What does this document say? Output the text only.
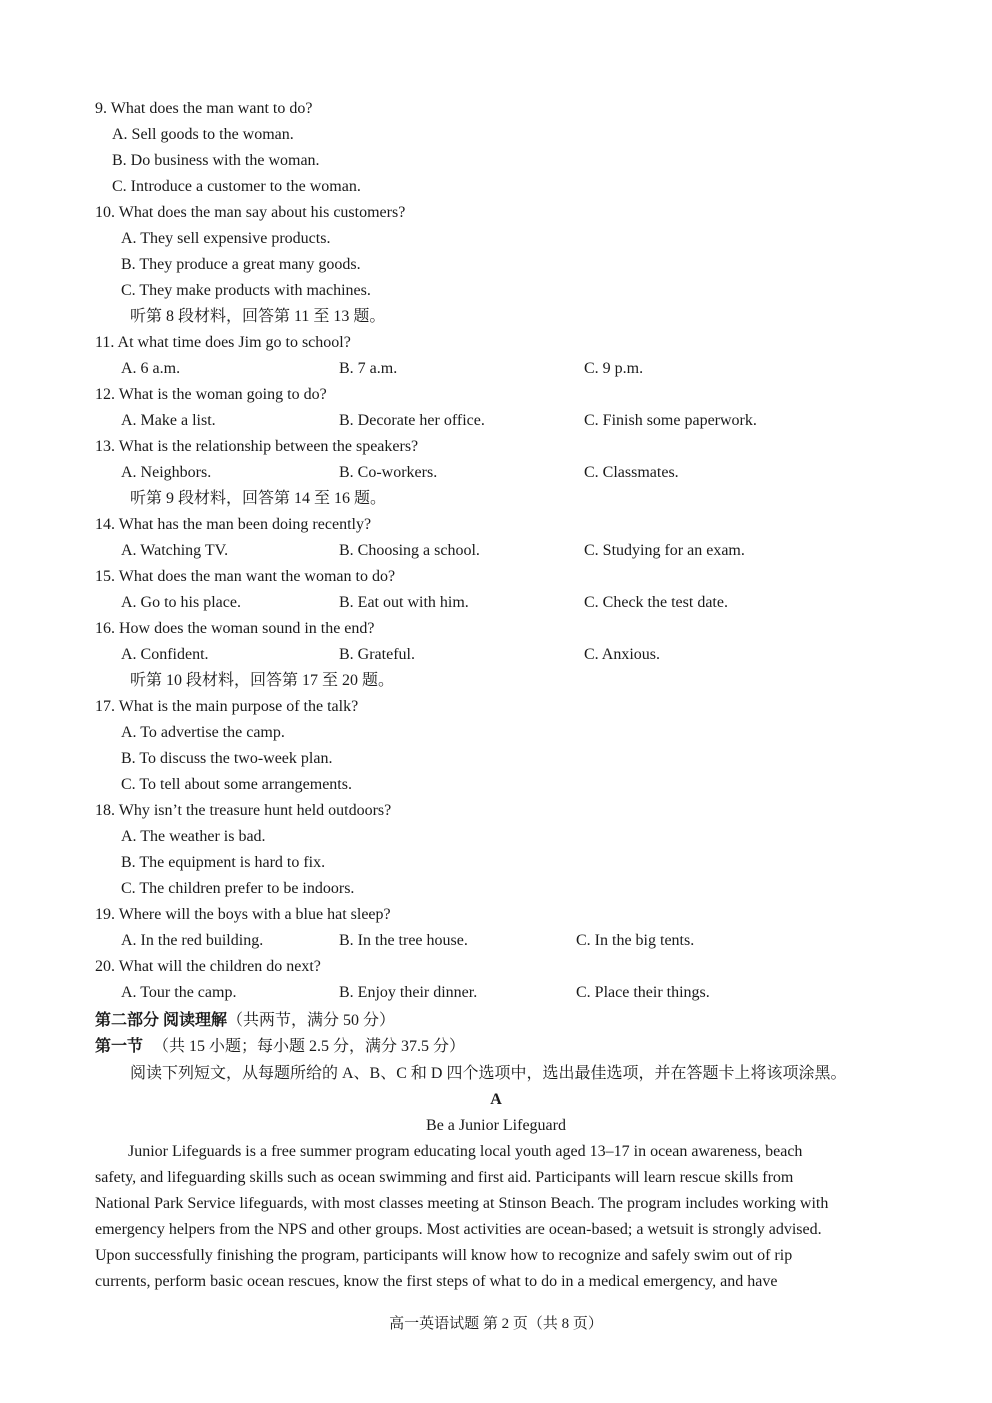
9. What does the man want to do?
A. Sell goods to the woman.
B. Do business with the woman.
C. Introduce a customer to the woman.
10. What does the man say about his customers?
A. They sell expensive products.
B. They produce a great many goods.
C. They make products with machines.
听第 8 段材料，回答第 11 至 13 题。
11. At what time does Jim go to school?
A. 6 a.m.	B. 7 a.m.	C. 9 p.m.
12. What is the woman going to do?
A. Make a list.	B. Decorate her office.	C. Finish some paperwork.
13. What is the relationship between the speakers?
A. Neighbors.	B. Co-workers.	C. Classmates.
听第 9 段材料，回答第 14 至 16 题。
14. What has the man been doing recently?
A. Watching TV.	B. Choosing a school.	C. Studying for an exam.
15. What does the man want the woman to do?
A. Go to his place.	B. Eat out with him.	C. Check the test date.
16. How does the woman sound in the end?
A. Confident.	B. Grateful.	C. Anxious.
听第 10 段材料，回答第 17 至 20 题。
17. What is the main purpose of the talk?
A. To advertise the camp.
B. To discuss the two-week plan.
C. To tell about some arrangements.
18. Why isn’t the treasure hunt held outdoors?
A. The weather is bad.
B. The equipment is hard to fix.
C. The children prefer to be indoors.
19. Where will the boys with a blue hat sleep?
A. In the red building.	B. In the tree house.	C. In the big tents.
20. What will the children do next?
A. Tour the camp.	B. Enjoy their dinner.	C. Place their things.
第二部分 阅读理解（共两节，满分 50 分）
第一节 （共 15 小题；每小题 2.5 分，满分 37.5 分）
阅读下列短文，从每题所给的 A、B、C 和 D 四个选项中，选出最佳选项，并在答题卡上将该项涂黑。
A
Be a Junior Lifeguard
Junior Lifeguards is a free summer program educating local youth aged 13–17 in ocean awareness, beach
safety, and lifeguarding skills such as ocean swimming and first aid. Participants will learn rescue skills from
National Park Service lifeguards, with most classes meeting at Stinson Beach. The program includes working with
emergency helpers from the NPS and other groups. Most activities are ocean-based; a wetsuit is strongly advised.
Upon successfully finishing the program, participants will know how to recognize and safely swim out of rip
currents, perform basic ocean rescues, know the first steps of what to do in a medical emergency, and have
高一英语试题 第 2 页（共 8 页）
